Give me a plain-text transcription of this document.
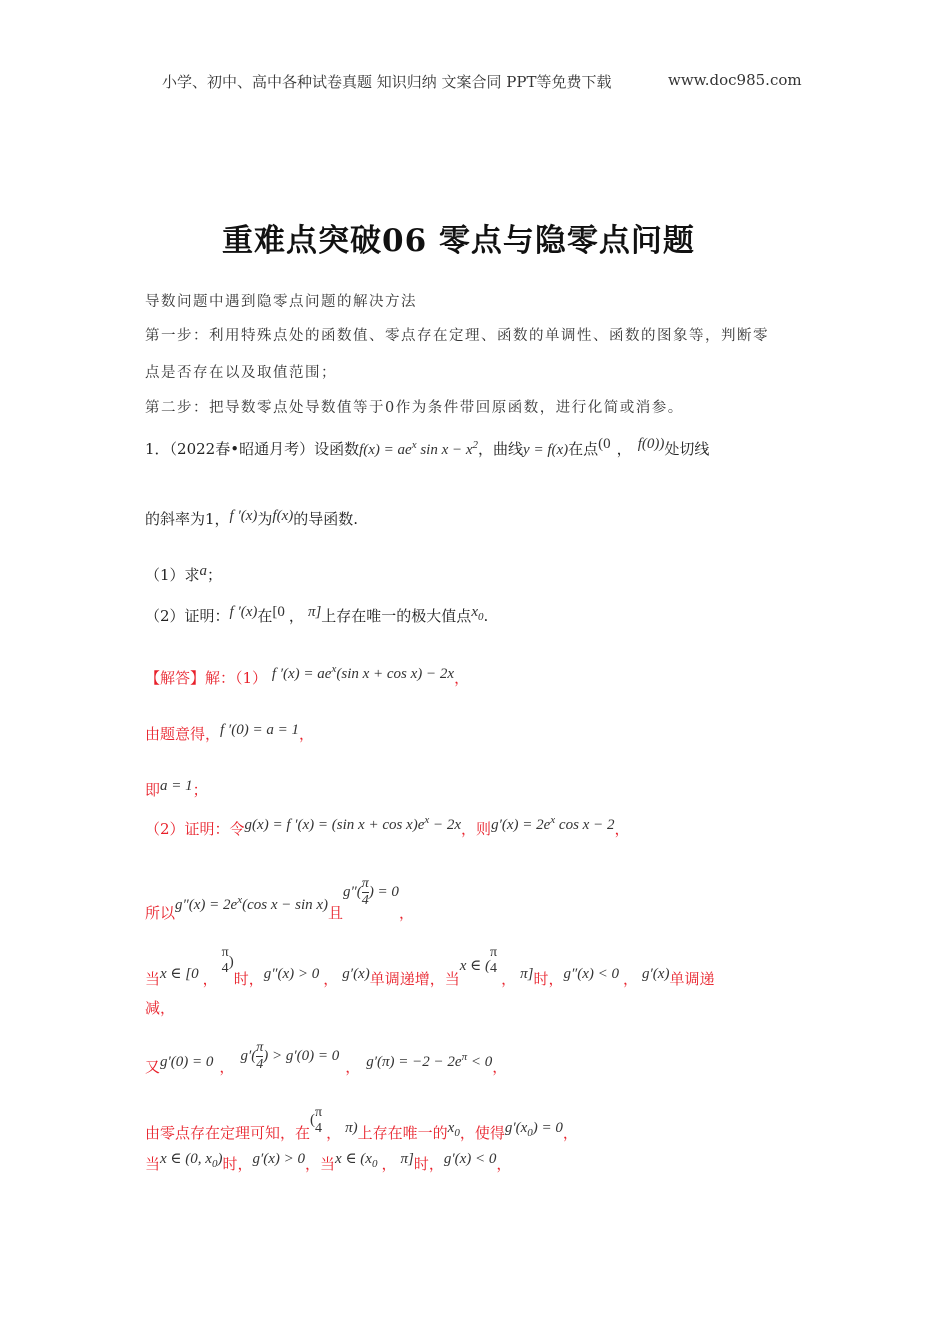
小学、初中、高中各种试卷真题 知识归纳 文案合同 PPT等免费下载	www.doc985.com
重难点突破06 零点与隐零点问题
导数问题中遇到隐零点问题的解决方法
第一步：利用特殊点处的函数值、零点存在定理、函数的单调性、函数的图象等，判断零
点是否存在以及取值范围；
第二步：把导数零点处导数值等于0作为条件带回原函数，进行化简或消参。
1．（2022春•昭通月考）设函数$f(x) = ae^x$ $\sin x - x^2$，曲线y = f(x)在点(0 ， f(0))处切线
的斜率为1，f ′(x)为f(x)的导函数.
（1）求a；
（2）证明：f ′(x)在[0 ， π]上存在唯一的极大值点$x_0$.
【解答】解：（1） f $'(x) = ae^x(\sin$ x + cos x) − 2x，
由题意得，f ′(0) = a = 1，
即a = 1；
（2）证明：令g(x) = f ′(x) = (sin $x + \cos x)e^x - 2x$，则$g'(x) = 2e^x$ cos x − 2，
所以$g''(x) = 2e^x(\cos$ x − sin x)且$g''( \frac{\pi}{4}$ ) = 0，
当x ∈ [0 ，
π
4 )时，g″(x) > 0 ， g′(x)单调递增，当x ∈ (
π
4
， π]时，g″(x) < 0 ， g′(x)单调递
减，
又g′(0) = 0 ，$g'( \frac{\pi}{4}$ ) > g′(0) = 0， $g'(\pi) = -2 - 2e^\pi < 0$，
由零点存在定理可知，在( π
4 ， π)上存在唯一的$x_0$，使得$g'(x_0) = 0$，
当x ∈ (0, $x_0$)时，g′(x) > 0，当x ∈ ($x_0$ ， π]时，g′(x) < 0，
